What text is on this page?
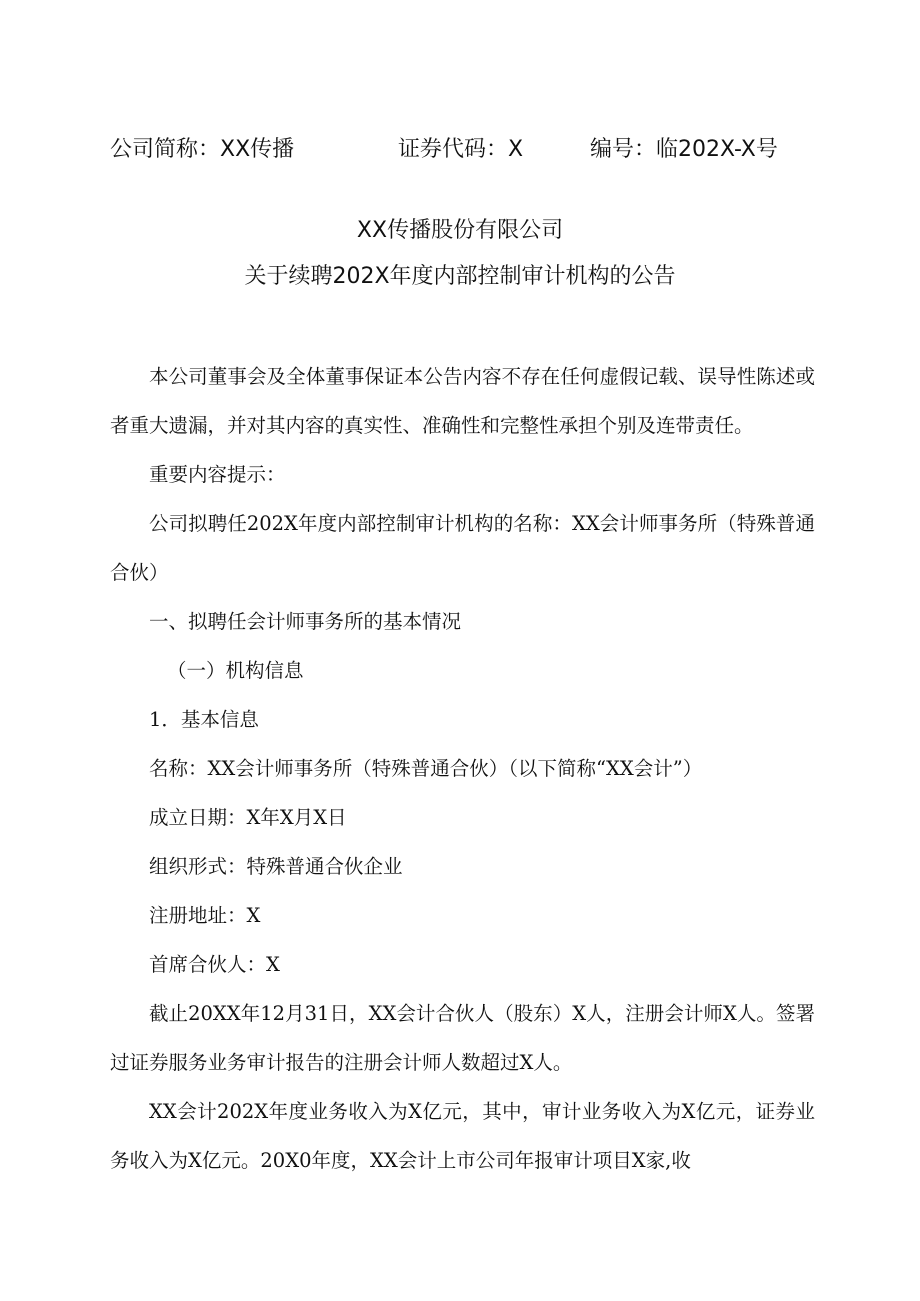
公司简称：XX传播	证券代码：X	编号：临202X-X号
XX传播股份有限公司
关于续聘202X年度内部控制审计机构的公告

本公司董事会及全体董事保证本公告内容不存在任何虚假记载、误导性陈述或者重大遗漏，并对其内容的真实性、准确性和完整性承担个别及连带责任。

重要内容提示：

公司拟聘任202X年度内部控制审计机构的名称：XX会计师事务所（特殊普通合伙）

一、拟聘任会计师事务所的基本情况

（一）机构信息

1．基本信息

名称：XX会计师事务所（特殊普通合伙）（以下简称“XX会计”）

成立日期：X年X月X日

组织形式：特殊普通合伙企业

注册地址：X

首席合伙人：X

截止20XX年12月31日，XX会计合伙人（股东）X人，注册会计师X人。签署过证券服务业务审计报告的注册会计师人数超过X人。

XX会计202X年度业务收入为X亿元，其中，审计业务收入为X亿元，证券业务收入为X亿元。20X0年度，XX会计上市公司年报审计项目X家,收
